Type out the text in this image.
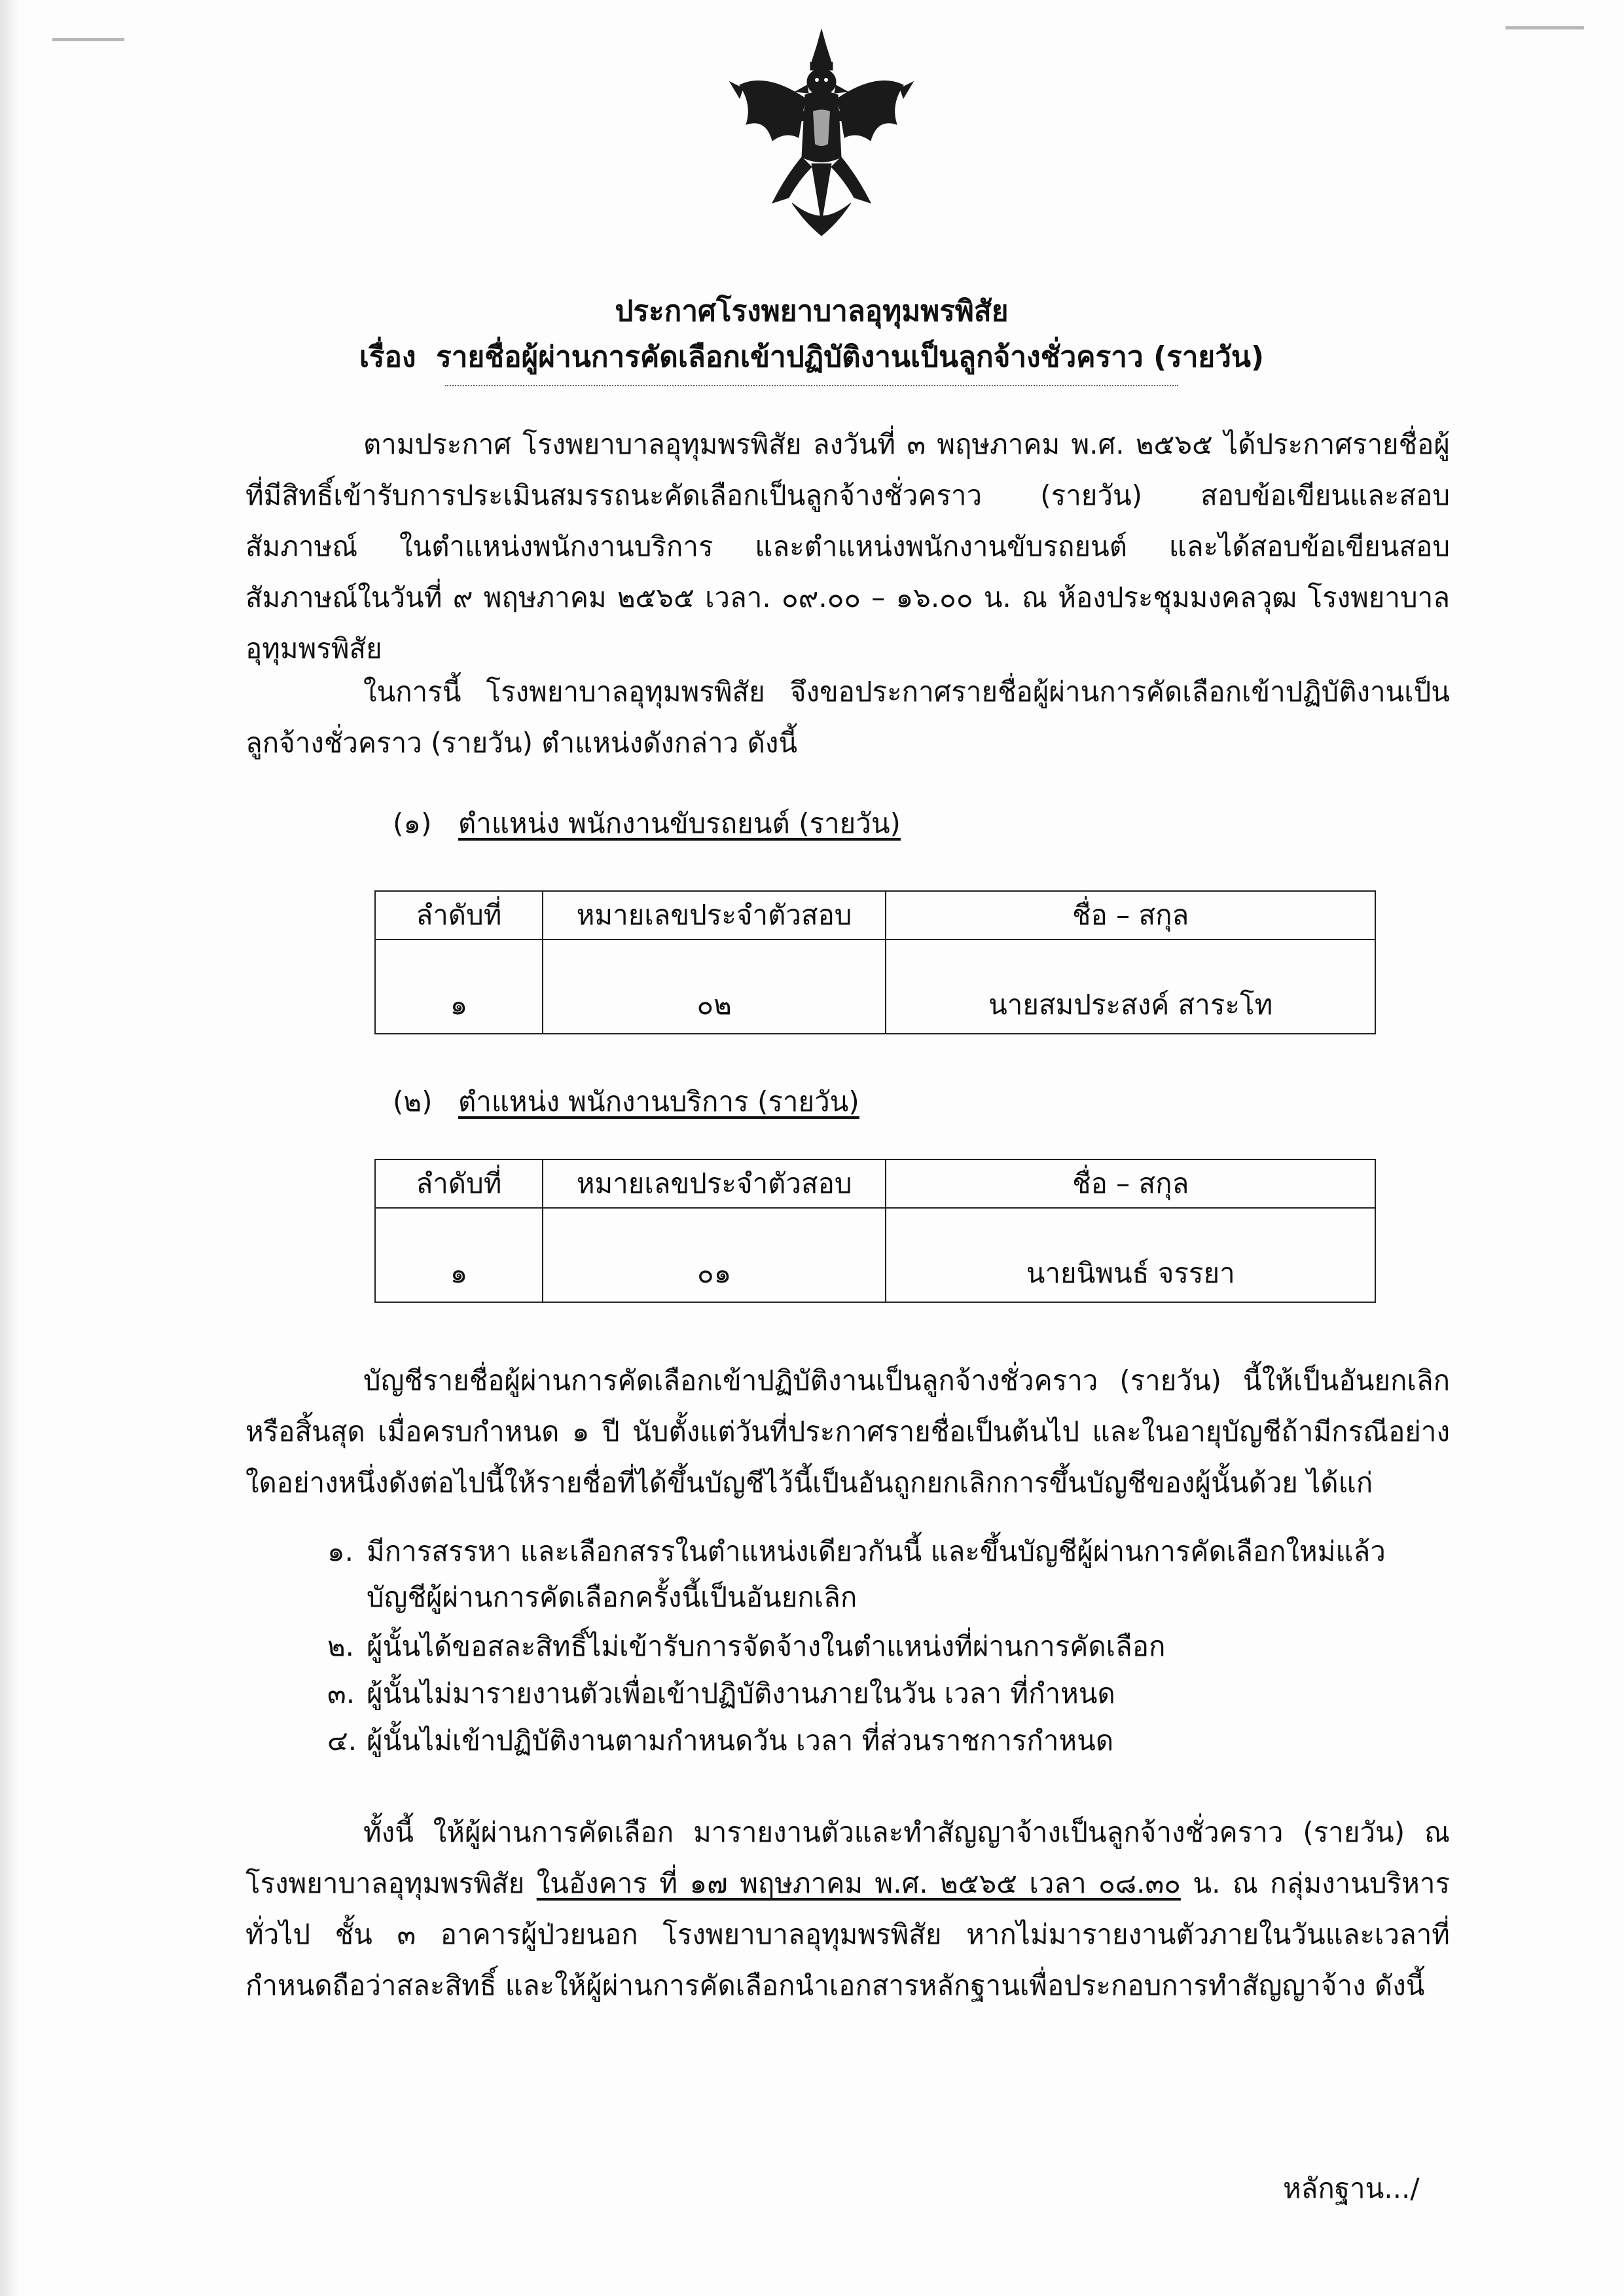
ประกาศโรงพยาบาลอุทุมพรพิสัย
เรื่อง รายชื่อผู้ผ่านการคัดเลือกเข้าปฏิบัติงานเป็นลูกจ้างชั่วคราว (รายวัน)
ตามประกาศ โรงพยาบาลอุทุมพรพิสัย ลงวันที่ ๓ พฤษภาคม พ.ศ. ๒๕๖๕ ได้ประกาศรายชื่อผู้ที่มีสิทธิ์เข้ารับการประเมินสมรรถนะคัดเลือกเป็นลูกจ้างชั่วคราว (รายวัน) สอบข้อเขียนและสอบสัมภาษณ์ ในตำแหน่งพนักงานบริการ และตำแหน่งพนักงานขับรถยนต์ และได้สอบข้อเขียนสอบสัมภาษณ์ในวันที่ ๙ พฤษภาคม ๒๕๖๕ เวลา. ๐๙.๐๐ – ๑๖.๐๐ น. ณ ห้องประชุมมงคลวุฒ โรงพยาบาลอุทุมพรพิสัย
ในการนี้ โรงพยาบาลอุทุมพรพิสัย จึงขอประกาศรายชื่อผู้ผ่านการคัดเลือกเข้าปฏิบัติงานเป็นลูกจ้างชั่วคราว (รายวัน) ตำแหน่งดังกล่าว ดังนี้
(๑) ตำแหน่ง พนักงานขับรถยนต์ (รายวัน)
ลำดับที่	หมายเลขประจำตัวสอบ	ชื่อ – สกุล
๑	๐๒	นายสมประสงค์ สาระโท
(๒) ตำแหน่ง พนักงานบริการ (รายวัน)
ลำดับที่	หมายเลขประจำตัวสอบ	ชื่อ – สกุล
๑	๐๑	นายนิพนธ์ จรรยา
บัญชีรายชื่อผู้ผ่านการคัดเลือกเข้าปฏิบัติงานเป็นลูกจ้างชั่วคราว (รายวัน) นี้ให้เป็นอันยกเลิกหรือสิ้นสุด เมื่อครบกำหนด ๑ ปี นับตั้งแต่วันที่ประกาศรายชื่อเป็นต้นไป และในอายุบัญชีถ้ามีกรณีอย่างใดอย่างหนึ่งดังต่อไปนี้ให้รายชื่อที่ได้ขึ้นบัญชีไว้นี้เป็นอันถูกยกเลิกการขึ้นบัญชีของผู้นั้นด้วย ได้แก่
๑. มีการสรรหา และเลือกสรรในตำแหน่งเดียวกันนี้ และขึ้นบัญชีผู้ผ่านการคัดเลือกใหม่แล้ว
บัญชีผู้ผ่านการคัดเลือกครั้งนี้เป็นอันยกเลิก
๒. ผู้นั้นได้ขอสละสิทธิ์ไม่เข้ารับการจัดจ้างในตำแหน่งที่ผ่านการคัดเลือก
๓. ผู้นั้นไม่มารายงานตัวเพื่อเข้าปฏิบัติงานภายในวัน เวลา ที่กำหนด
๔. ผู้นั้นไม่เข้าปฏิบัติงานตามกำหนดวัน เวลา ที่ส่วนราชการกำหนด
ทั้งนี้ ให้ผู้ผ่านการคัดเลือก มารายงานตัวและทำสัญญาจ้างเป็นลูกจ้างชั่วคราว (รายวัน) ณ โรงพยาบาลอุทุมพรพิสัย ในอังคาร ที่ ๑๗ พฤษภาคม พ.ศ. ๒๕๖๕ เวลา ๐๘.๓๐ น. ณ กลุ่มงานบริหารทั่วไป ชั้น ๓ อาคารผู้ป่วยนอก โรงพยาบาลอุทุมพรพิสัย หากไม่มารายงานตัวภายในวันและเวลาที่กำหนดถือว่าสละสิทธิ์ และให้ผู้ผ่านการคัดเลือกนำเอกสารหลักฐานเพื่อประกอบการทำสัญญาจ้าง ดังนี้
หลักฐาน.../
